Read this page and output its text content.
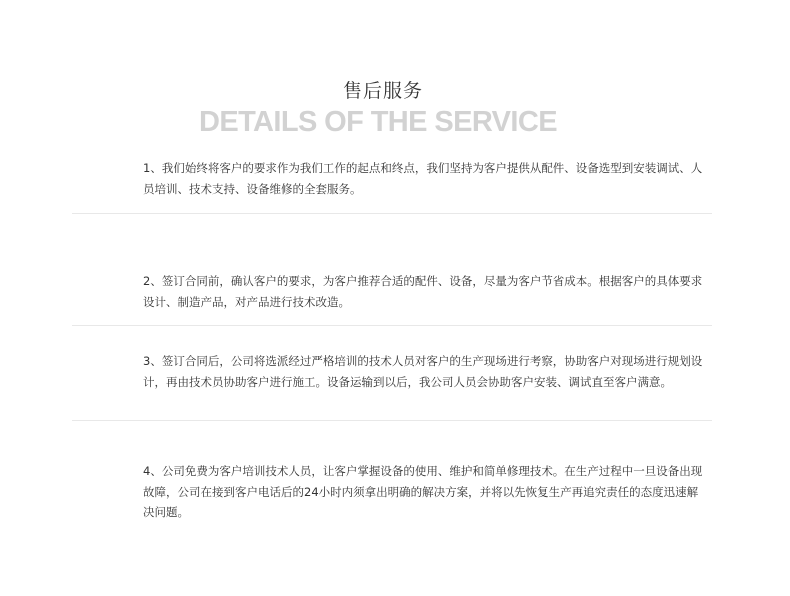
售后服务
DETAILS OF THE SERVICE
1、我们始终将客户的要求作为我们工作的起点和终点，我们坚持为客户提供从配件、设备选型到安装调试、人员培训、技术支持、设备维修的全套服务。
2、签订合同前，确认客户的要求，为客户推荐合适的配件、设备，尽量为客户节省成本。根据客户的具体要求设计、制造产品，对产品进行技术改造。
3、签订合同后，公司将选派经过严格培训的技术人员对客户的生产现场进行考察，协助客户对现场进行规划设计，再由技术员协助客户进行施工。设备运输到以后，我公司人员会协助客户安装、调试直至客户满意。
4、公司免费为客户培训技术人员，让客户掌握设备的使用、维护和简单修理技术。在生产过程中一旦设备出现故障，公司在接到客户电话后的24小时内须拿出明确的解决方案，并将以先恢复生产再追究责任的态度迅速解决问题。
